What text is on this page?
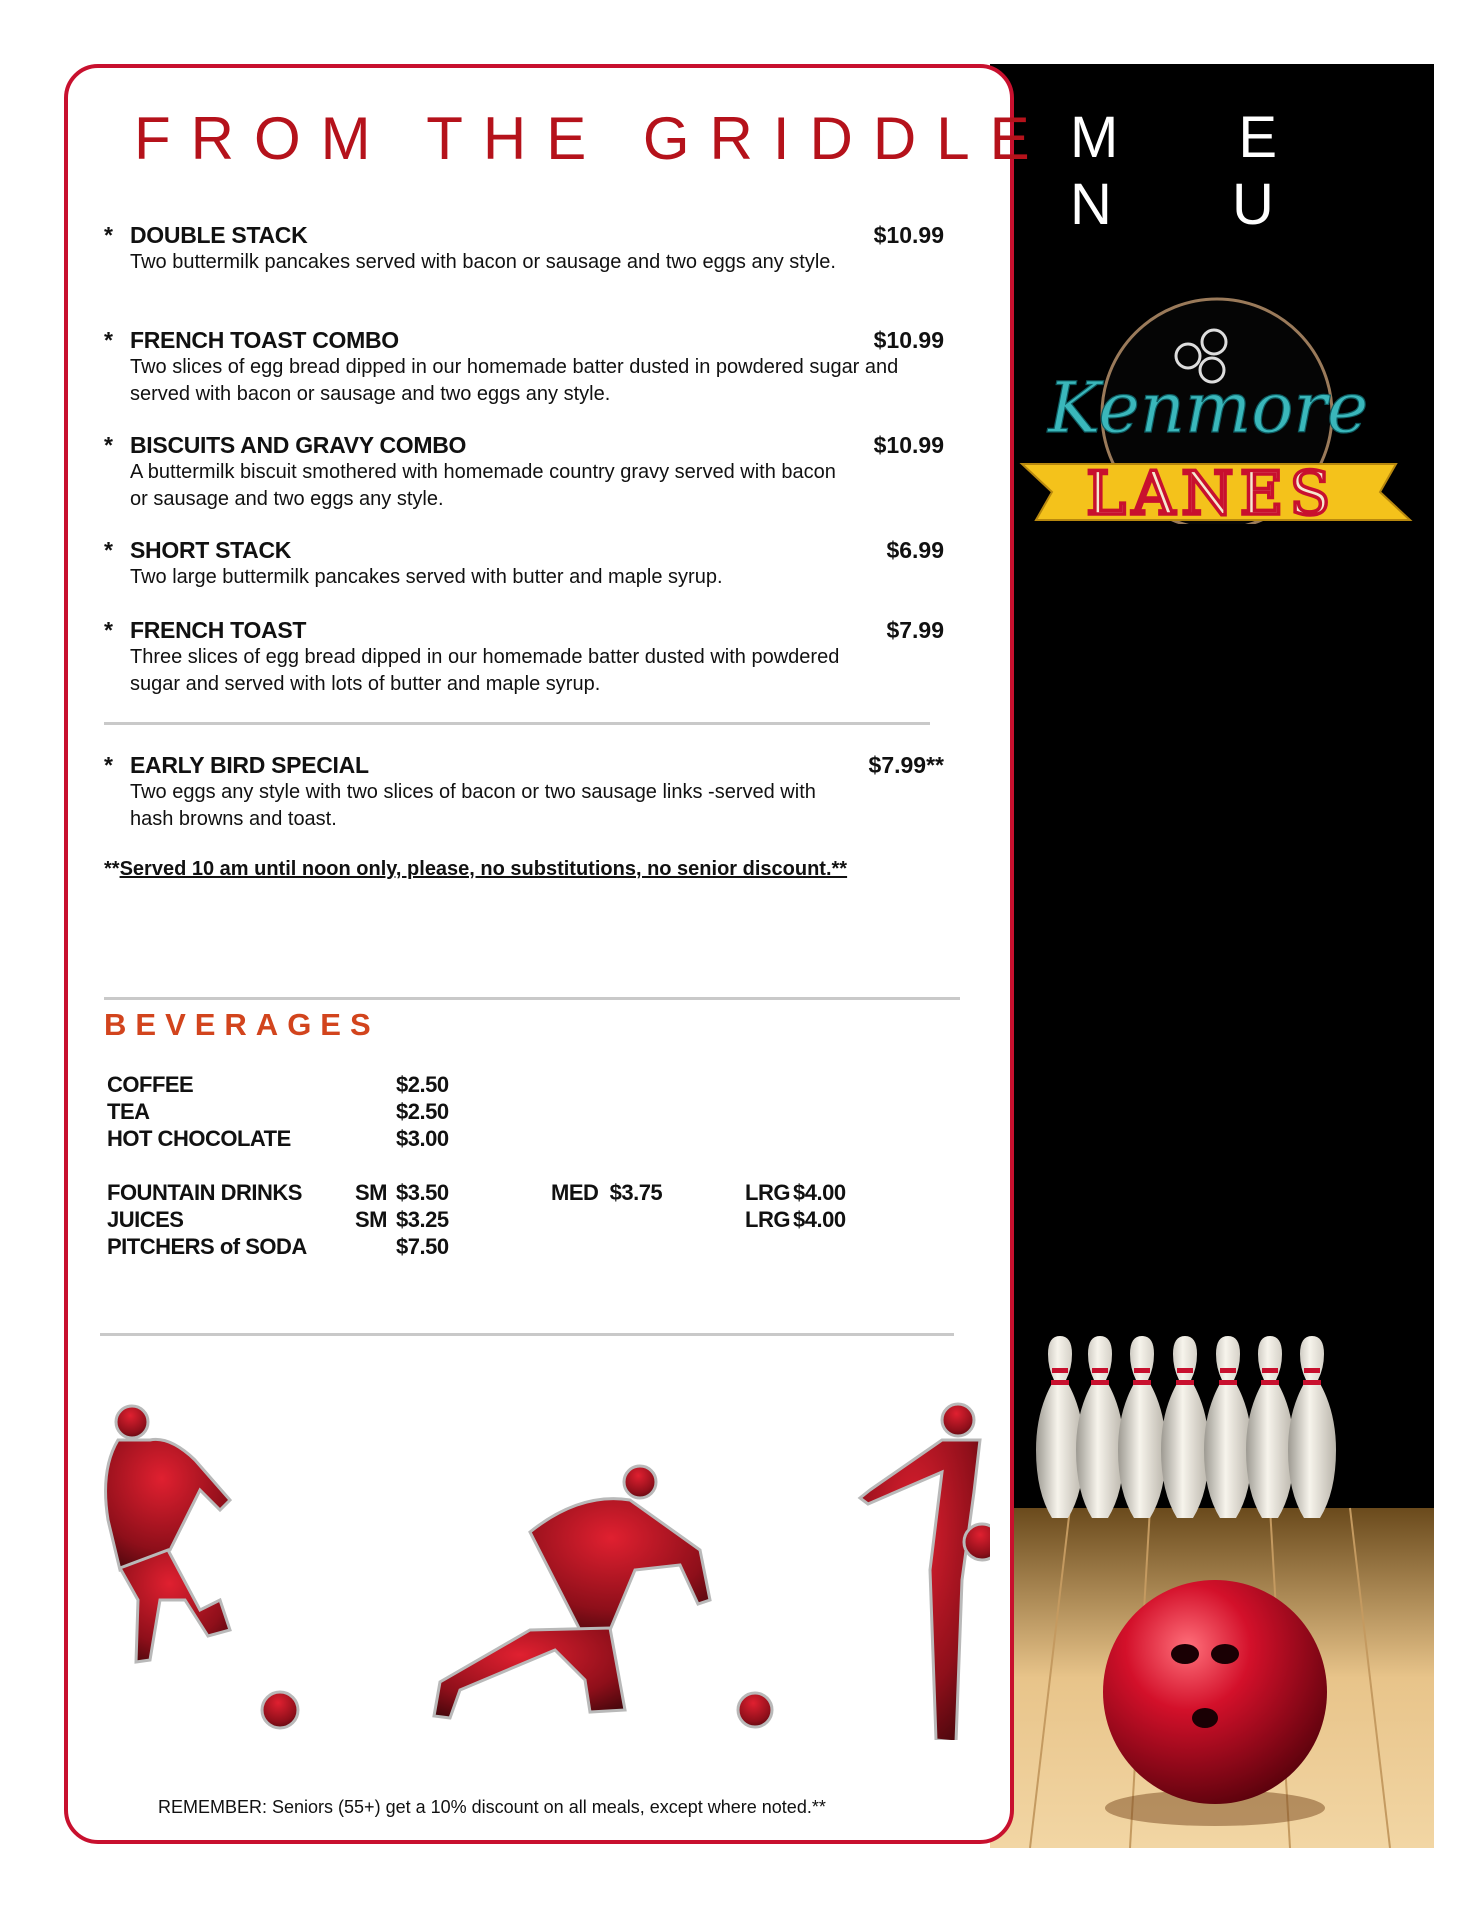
Kenmore
LANES
M E N U
FROM THE GRIDDLE
* DOUBLE STACK	$10.99
Two buttermilk pancakes served with bacon or sausage and two eggs any style.
* FRENCH TOAST COMBO	$10.99
Two slices of egg bread dipped in our homemade batter dusted in powdered sugar and served with bacon or sausage and two eggs any style.
* BISCUITS AND GRAVY COMBO	$10.99
A buttermilk biscuit smothered with homemade country gravy served with bacon or sausage and two eggs any style.
* SHORT STACK	$6.99
Two large buttermilk pancakes served with butter and maple syrup.
* FRENCH TOAST	$7.99
Three slices of egg bread dipped in our homemade batter dusted with powdered sugar and served with lots of butter and maple syrup.
* EARLY BIRD SPECIAL	$7.99**
Two eggs any style with two slices of bacon or two sausage links -served with hash browns and toast.
**Served 10 am until noon only, please, no substitutions, no senior discount.**
BEVERAGES
COFFEE	$2.50
TEA	$2.50
HOT CHOCOLATE	$3.00
FOUNTAIN DRINKS SM $3.50	MED  $3.75	LRG $4.00
JUICES	SM $3.25	LRG $4.00
PITCHERS of SODA	$7.50
REMEMBER: Seniors (55+) get a 10% discount on all meals, except where noted.**
